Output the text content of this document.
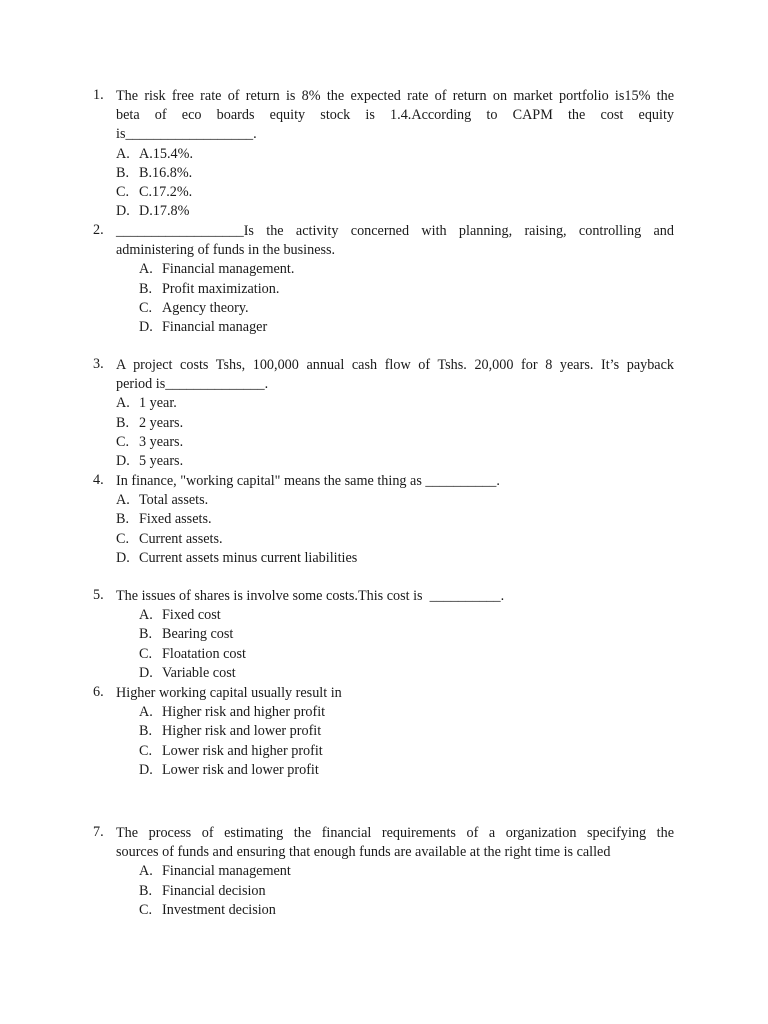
1. The risk free rate of return is 8% the expected rate of return on market portfolio is15% the
beta of eco boards equity stock is 1.4.According to CAPM the cost equity
is__________________.
A. A.15.4%.
B. B.16.8%.
C. C.17.2%.
D. D.17.8%
2. __________________Is the activity concerned with planning, raising, controlling and
administering of funds in the business.
A. Financial management.
B. Profit maximization.
C. Agency theory.
D. Financial manager
3. A project costs Tshs, 100,000 annual cash flow of Tshs. 20,000 for 8 years. It’s payback
period is______________.
A. 1 year.
B. 2 years.
C. 3 years.
D. 5 years.
4. In finance, "working capital" means the same thing as __________.
A. Total assets.
B. Fixed assets.
C. Current assets.
D. Current assets minus current liabilities
5. The issues of shares is involve some costs.This cost is  __________.
A. Fixed cost
B. Bearing cost
C. Floatation cost
D. Variable cost
6. Higher working capital usually result in
A. Higher risk and higher profit
B. Higher risk and lower profit
C. Lower risk and higher profit
D. Lower risk and lower profit
7. The process of estimating the financial requirements of a organization specifying the
sources of funds and ensuring that enough funds are available at the right time is called
A. Financial management
B. Financial decision
C. Investment decision
